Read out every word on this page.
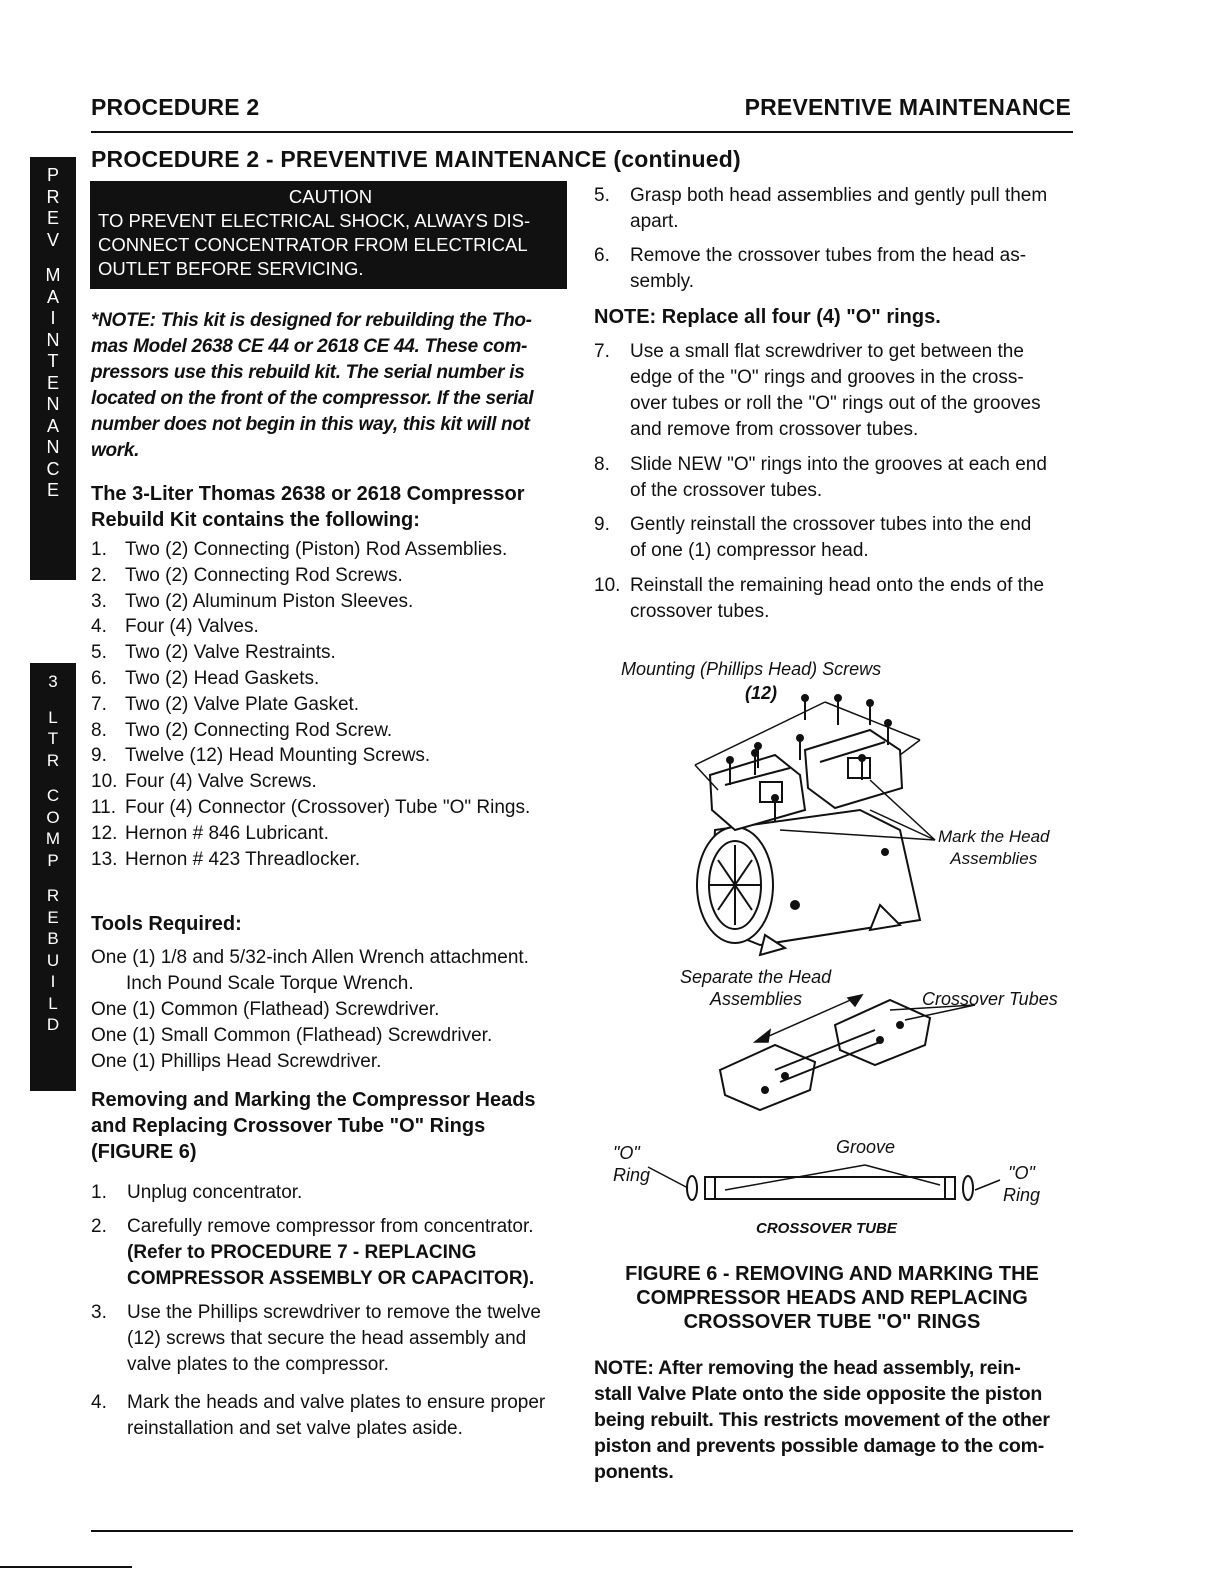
PROCEDURE 2	PREVENTIVE MAINTENANCE
P
R
E
V
M
A
I
N
T
E
N
A
N
C
E
3
L
T
R
C
O
M
P
R
E
B
U
I
L
D
PROCEDURE 2 - PREVENTIVE MAINTENANCE (continued)
CAUTION
TO PREVENT ELECTRICAL SHOCK, ALWAYS DIS-
CONNECT CONCENTRATOR FROM ELECTRICAL
OUTLET BEFORE SERVICING.
*NOTE: This kit is designed for rebuilding the Tho-
mas Model 2638 CE 44 or 2618 CE 44. These com-
pressors use this rebuild kit. The serial number is
located on the front of the compressor. If the serial
number does not begin in this way, this kit will not
work.
The 3-Liter Thomas 2638 or 2618 Compressor
Rebuild Kit contains the following:
1. Two (2) Connecting (Piston) Rod Assemblies.
2. Two (2) Connecting Rod Screws.
3. Two (2) Aluminum Piston Sleeves.
4. Four (4) Valves.
5. Two (2) Valve Restraints.
6. Two (2) Head Gaskets.
7. Two (2) Valve Plate Gasket.
8. Two (2) Connecting Rod Screw.
9. Twelve (12) Head Mounting Screws.
10. Four (4) Valve Screws.
11. Four (4) Connector (Crossover) Tube "O" Rings.
12. Hernon # 846 Lubricant.
13. Hernon # 423 Threadlocker.
Tools Required:
One (1) 1/8 and 5/32-inch Allen Wrench attachment.
Inch Pound Scale Torque Wrench.
One (1) Common (Flathead) Screwdriver.
One (1) Small Common (Flathead) Screwdriver.
One (1) Phillips Head Screwdriver.
Removing and Marking the Compressor Heads
and Replacing Crossover Tube "O" Rings
(FIGURE 6)
1. Unplug concentrator.
2. Carefully remove compressor from concentrator.
(Refer to PROCEDURE 7 - REPLACING
COMPRESSOR ASSEMBLY OR CAPACITOR).
3. Use the Phillips screwdriver to remove the twelve
(12) screws that secure the head assembly and
valve plates to the compressor.
4. Mark the heads and valve plates to ensure proper
reinstallation and set valve plates aside.
5. Grasp both head assemblies and gently pull them
apart.
6. Remove the crossover tubes from the head as-
sembly.
NOTE: Replace all four (4) "O" rings.
7. Use a small flat screwdriver to get between the
edge of the "O" rings and grooves in the cross-
over tubes or roll the "O" rings out of the grooves
and remove from crossover tubes.
8. Slide NEW "O" rings into the grooves at each end
of the crossover tubes.
9. Gently reinstall the crossover tubes into the end
of one (1) compressor head.
10. Reinstall the remaining head onto the ends of the
crossover tubes.
Mounting (Phillips Head) Screws
(12)
Mark the Head
Assemblies
Separate the Head
Assemblies	Crossover Tubes
"O"
Ring
Groove
"O"
Ring
CROSSOVER TUBE
FIGURE 6 - REMOVING AND MARKING THE
COMPRESSOR HEADS AND REPLACING
CROSSOVER TUBE "O" RINGS
NOTE: After removing the head assembly, rein-
stall Valve Plate onto the side opposite the piston
being rebuilt. This restricts movement of the other
piston and prevents possible damage to the com-
ponents.
